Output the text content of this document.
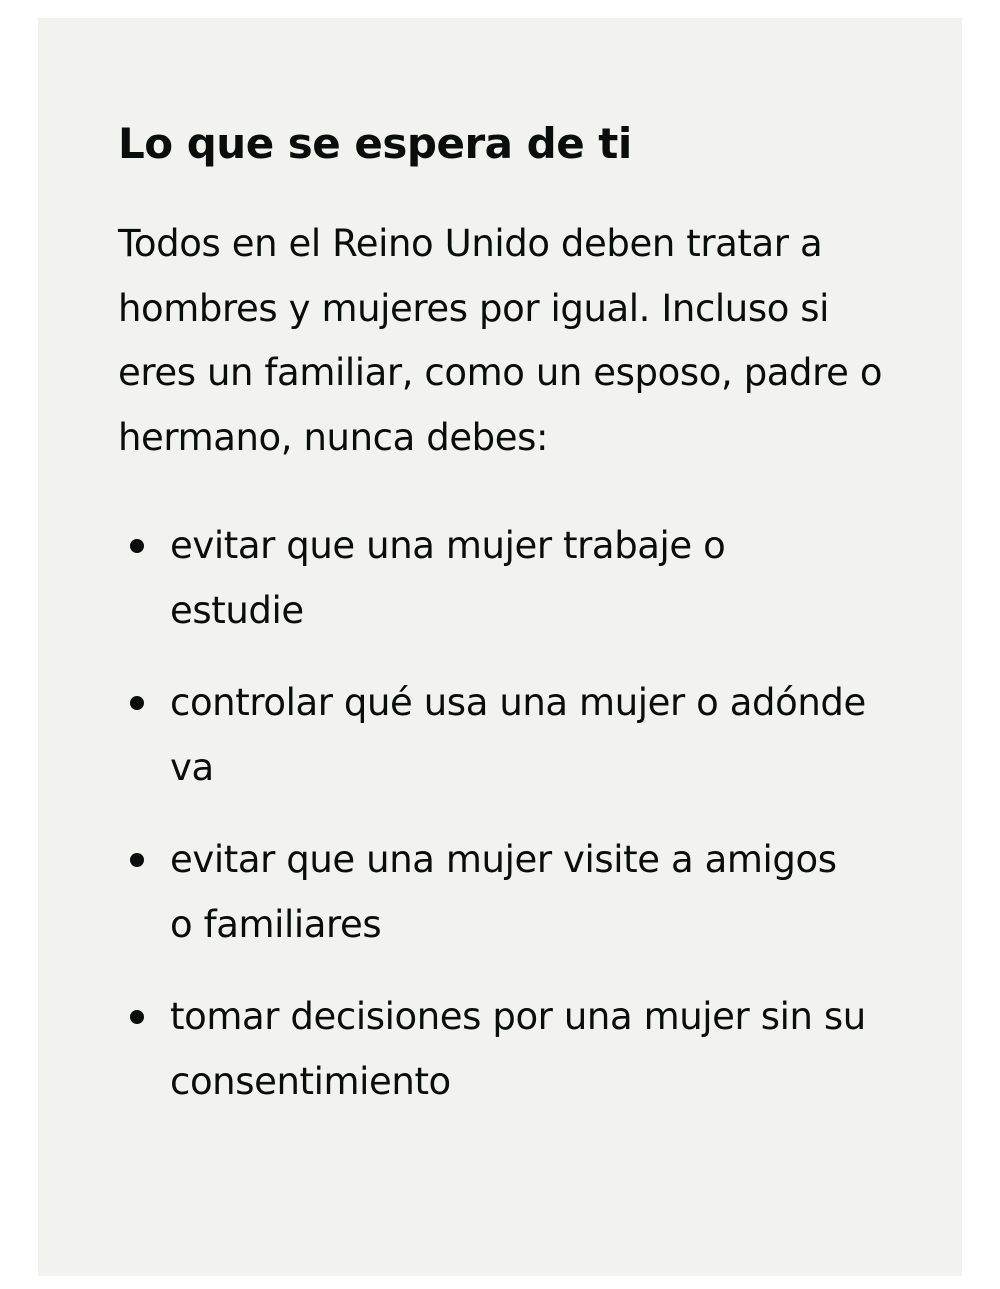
Lo que se espera de ti

Todos en el Reino Unido deben tratar a hombres y mujeres por igual. Incluso si eres un familiar, como un esposo, padre o hermano, nunca debes:

evitar que una mujer trabaje o estudie
controlar qué usa una mujer o adónde va
evitar que una mujer visite a amigos o familiares
tomar decisiones por una mujer sin su consentimiento
